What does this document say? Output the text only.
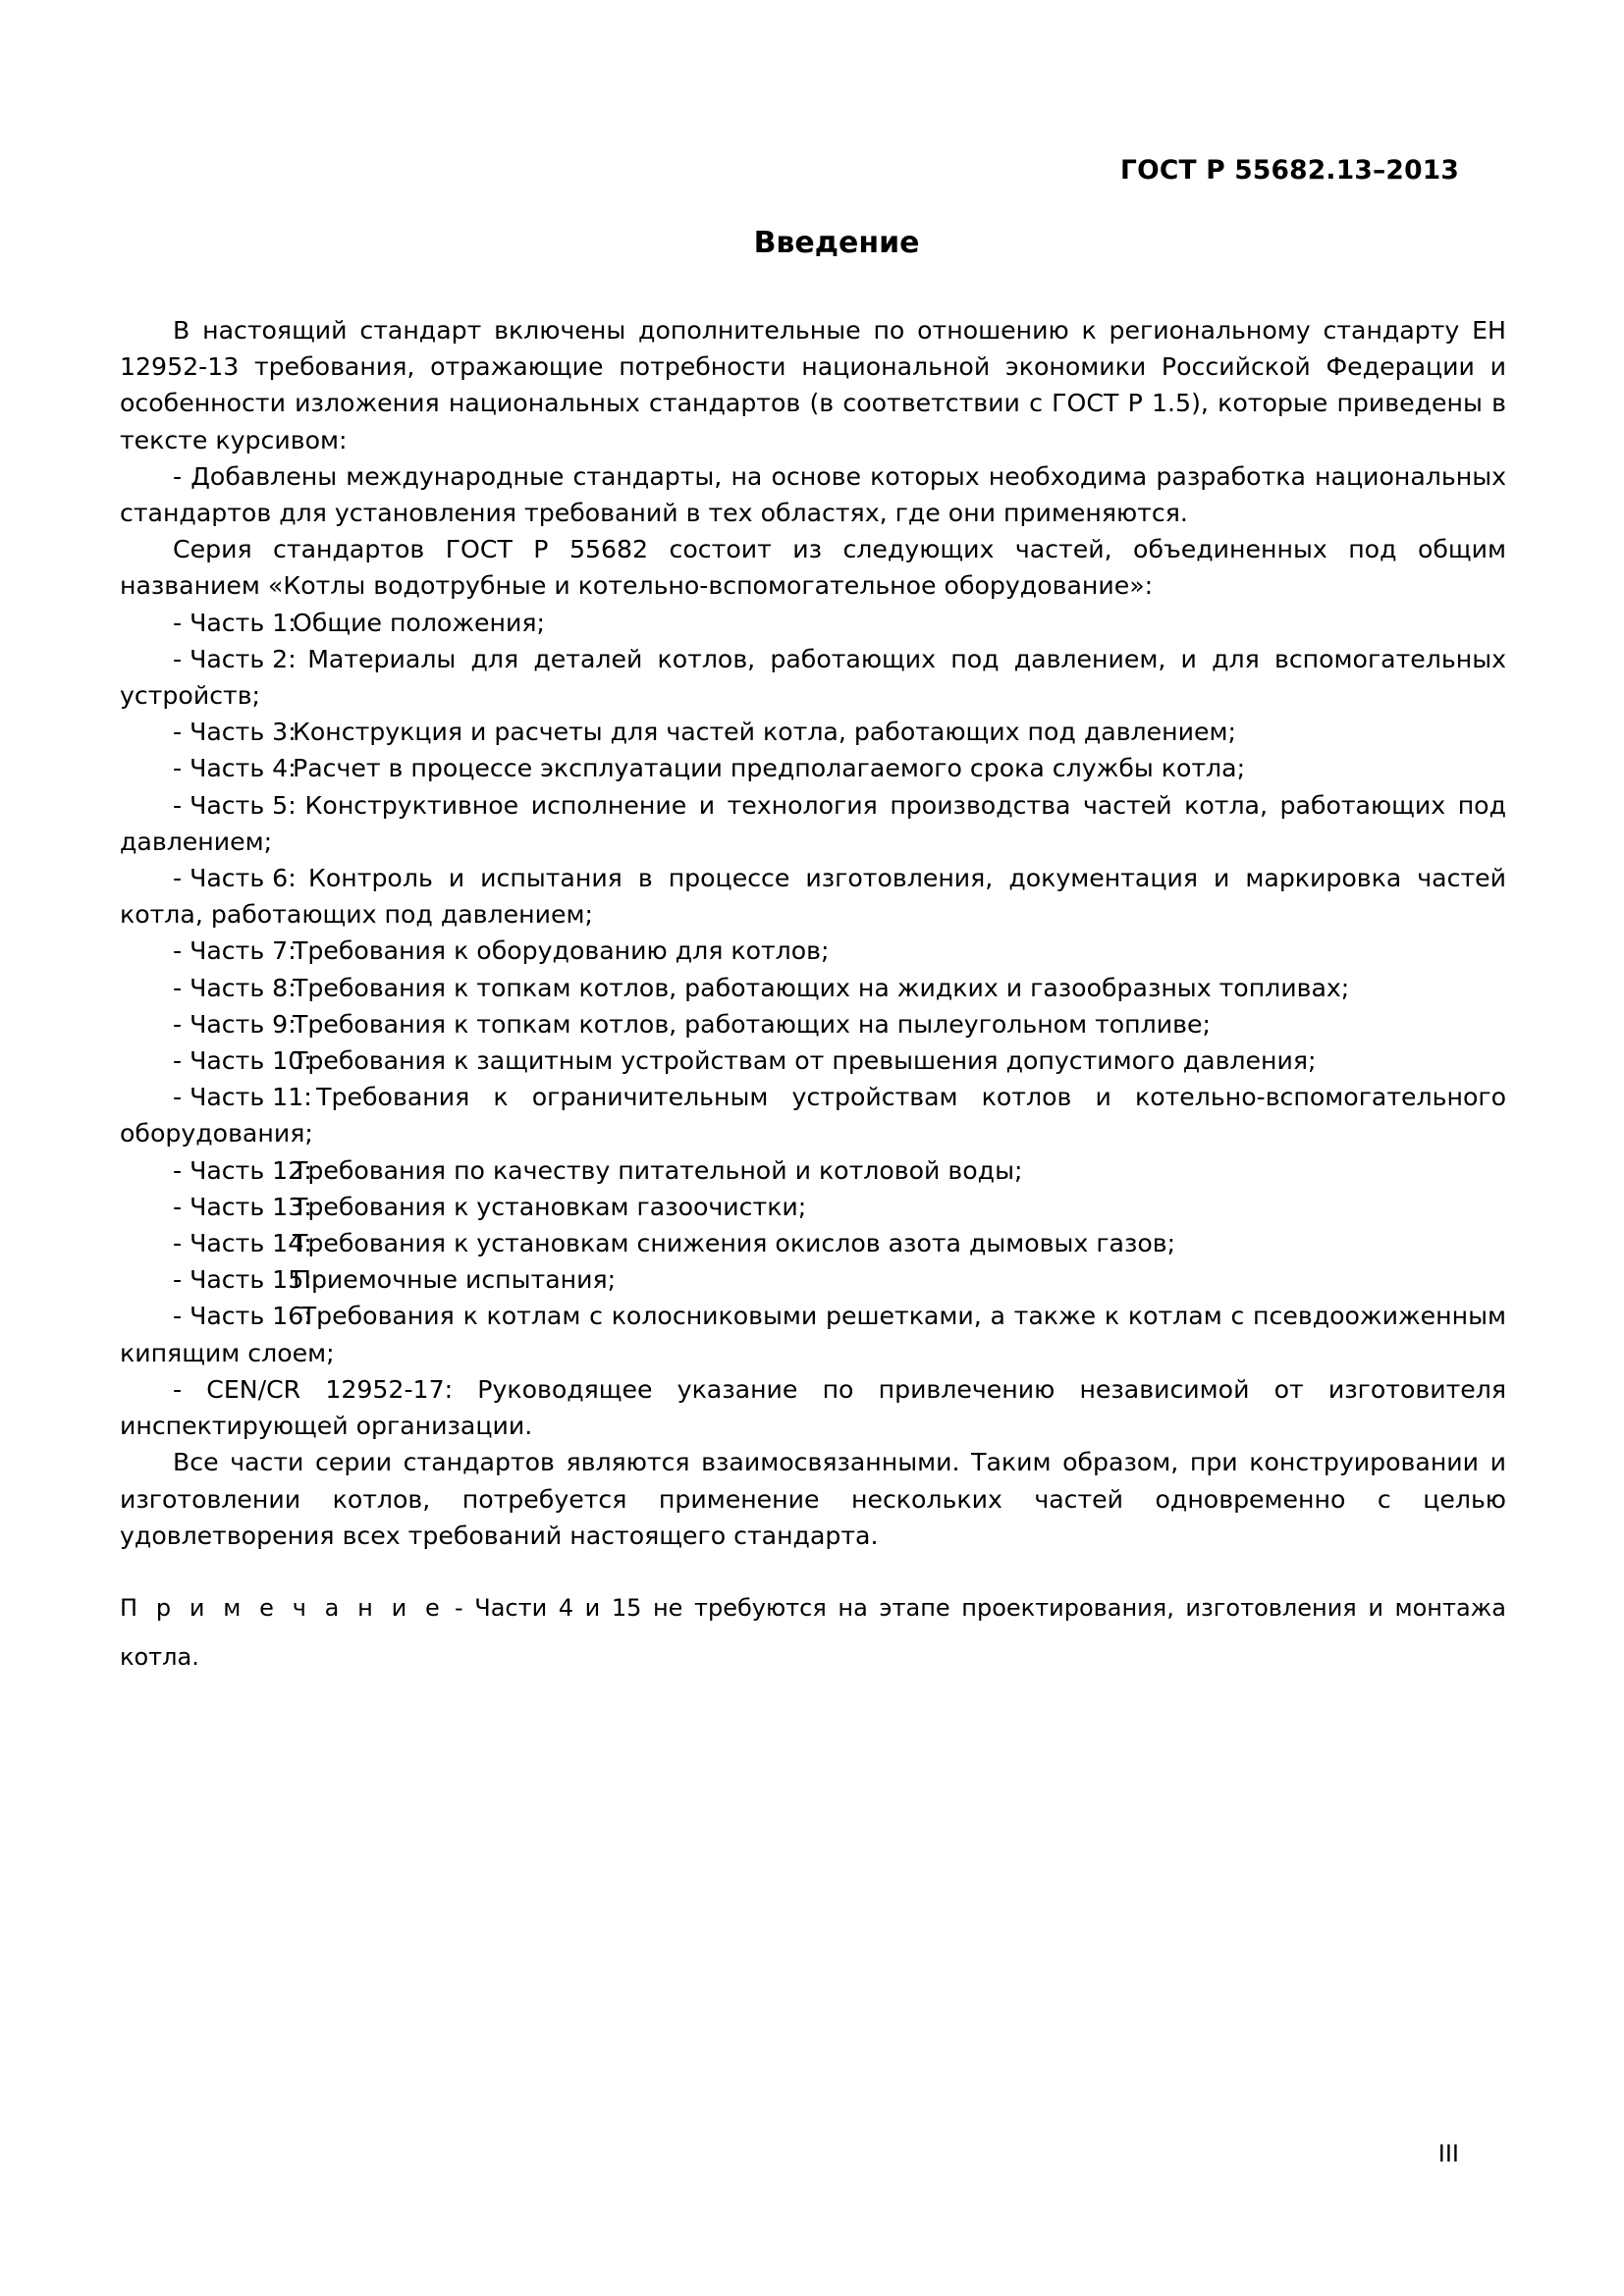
ГОСТ Р 55682.13–2013
Введение

В настоящий стандарт включены дополнительные по отношению к региональному стандарту ЕН 12952-13 требования, отражающие потребности национальной экономики Российской Федерации и особенности изложения национальных стандартов (в соответствии с ГОСТ Р 1.5), которые приведены в тексте курсивом:

- Добавлены международные стандарты, на основе которых необходима разработка национальных стандартов для установления требований в тех областях, где они применяются.

Серия стандартов ГОСТ Р 55682 состоит из следующих частей, объединенных под общим названием «Котлы водотрубные и котельно-вспомогательное оборудование»:

- Часть 1:
Общие положения;
- Часть 2: Материалы для деталей котлов, работающих под давлением, и для вспомогательных устройств;
- Часть 3:
Конструкция и расчеты для частей котла, работающих под давлением;
- Часть 4:
Расчет в процессе эксплуатации предполагаемого срока службы котла;
- Часть 5: Конструктивное исполнение и технология производства частей котла, работающих под давлением;
- Часть 6: Контроль и испытания в процессе изготовления, документация и маркировка частей котла, работающих под давлением;
- Часть 7:
Требования к оборудованию для котлов;
- Часть 8:
Требования к топкам котлов, работающих на жидких и газообразных топливах;
- Часть 9:
Требования к топкам котлов, работающих на пылеугольном топливе;
- Часть 10:
Требования к защитным устройствам от превышения допустимого давления;
- Часть 11: Требования к ограничительным устройствам котлов и котельно-вспомогательного оборудования;
- Часть 12:
Требования по качеству питательной и котловой воды;
- Часть 13:
Требования к установкам газоочистки;
- Часть 14:
Требования к установкам снижения окислов азота дымовых газов;
- Часть 15:
Приемочные испытания;
- Часть 16: Требования к котлам с колосниковыми решетками, а также к котлам с псевдоожиженным кипящим слоем;

- CEN/CR 12952-17: Руководящее указание по привлечению независимой от изготовителя инспектирующей организации.

Все части серии стандартов являются взаимосвязанными. Таким образом, при конструировании и изготовлении котлов, потребуется применение нескольких частей одновременно с целью удовлетворения всех требований настоящего стандарта.

П р и м е ч а н и е - Части 4 и 15 не требуются на этапе проектирования, изготовления и монтажа котла.

III
